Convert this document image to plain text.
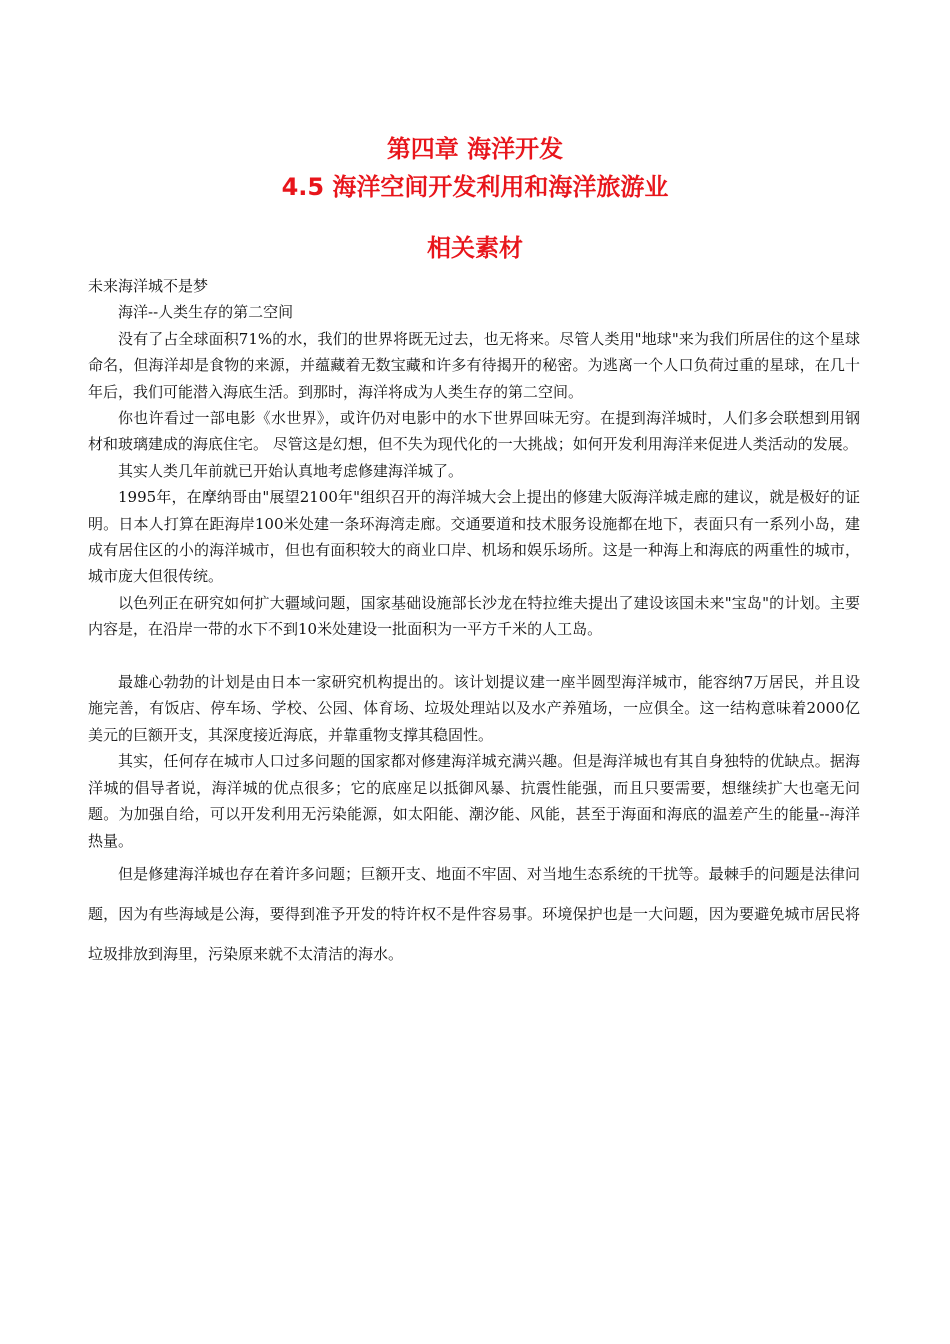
第四章 海洋开发
4.5 海洋空间开发利用和海洋旅游业
相关素材

未来海洋城不是梦

海洋--人类生存的第二空间

没有了占全球面积71%的水，我们的世界将既无过去，也无将来。尽管人类用"地球"来为我们所居住的这个星球命名，但海洋却是食物的来源，并蕴藏着无数宝藏和许多有待揭开的秘密。为逃离一个人口负荷过重的星球，在几十年后，我们可能潜入海底生活。到那时，海洋将成为人类生存的第二空间。

你也许看过一部电影《水世界》，或许仍对电影中的水下世界回味无穷。在提到海洋城时，人们多会联想到用钢材和玻璃建成的海底住宅。 尽管这是幻想，但不失为现代化的一大挑战；如何开发利用海洋来促进人类活动的发展。

其实人类几年前就已开始认真地考虑修建海洋城了。

1995年，在摩纳哥由"展望2100年"组织召开的海洋城大会上提出的修建大阪海洋城走廊的建议，就是极好的证明。日本人打算在距海岸100米处建一条环海湾走廊。交通要道和技术服务设施都在地下，表面只有一系列小岛，建成有居住区的小的海洋城市，但也有面积较大的商业口岸、机场和娱乐场所。这是一种海上和海底的两重性的城市，城市庞大但很传统。

以色列正在研究如何扩大疆域问题，国家基础设施部长沙龙在特拉维夫提出了建设该国未来"宝岛"的计划。主要内容是，在沿岸一带的水下不到10米处建设一批面积为一平方千米的人工岛。

最雄心勃勃的计划是由日本一家研究机构提出的。该计划提议建一座半圆型海洋城市，能容纳7万居民，并且设施完善，有饭店、停车场、学校、公园、体育场、垃圾处理站以及水产养殖场，一应俱全。这一结构意味着2000亿美元的巨额开支，其深度接近海底，并靠重物支撑其稳固性。

其实，任何存在城市人口过多问题的国家都对修建海洋城充满兴趣。但是海洋城也有其自身独特的优缺点。据海洋城的倡导者说，海洋城的优点很多；它的底座足以抵御风暴、抗震性能强，而且只要需要，想继续扩大也毫无问题。为加强自给，可以开发利用无污染能源，如太阳能、潮汐能、风能，甚至于海面和海底的温差产生的能量--海洋热量。

但是修建海洋城也存在着许多问题；巨额开支、地面不牢固、对当地生态系统的干扰等。最棘手的问题是法律问题，因为有些海域是公海，要得到准予开发的特许权不是件容易事。环境保护也是一大问题，因为要避免城市居民将垃圾排放到海里，污染原来就不太清洁的海水。
